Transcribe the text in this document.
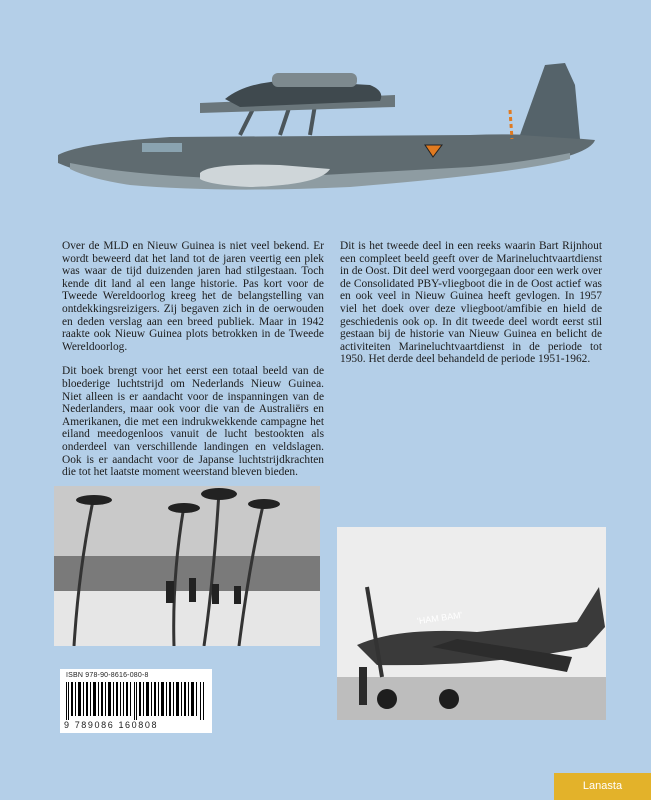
Over de MLD en Nieuw Guinea is niet veel bekend. Er wordt beweerd dat het land tot de jaren veertig een plek was waar de tijd duizenden jaren had stilgestaan. Toch kende dit land al een lange historie. Pas kort voor de Tweede Wereldoorlog kreeg het de belangstelling van ontdekkingsreizigers. Zij begaven zich in de oerwouden en deden verslag aan een breed publiek. Maar in 1942 raakte ook Nieuw Guinea plots betrokken in de Tweede Wereldoorlog.

Dit boek brengt voor het eerst een totaal beeld van de bloederige luchtstrijd om Nederlands Nieuw Guinea. Niet alleen is er aandacht voor de inspanningen van de Nederlanders, maar ook voor die van de Australiërs en Amerikanen, die met een indrukwekkende campagne het eiland meedogenloos vanuit de lucht bestookten als onderdeel van verschillende landingen en veldslagen. Ook is er aandacht voor de Japanse luchtstrijdkrachten die tot het laatste moment weerstand bleven bieden.

Dit is het tweede deel in een reeks waarin Bart Rijnhout een compleet beeld geeft over de Marineluchtvaartdienst in de Oost. Dit deel werd voorgegaan door een werk over de Consolidated PBY-vliegboot die in de Oost actief was en ook veel in Nieuw Guinea heeft gevlogen. In 1957 viel het doek over deze vliegboot/amfibie en hield de geschiedenis ook op. In dit tweede deel wordt eerst stil gestaan bij de historie van Nieuw Guinea en belicht de activiteiten Marineluchtvaartdienst in de periode tot 1950. Het derde deel behandeld de periode 1951-1962.

'HAM BAM'
ISBN 978-90-8616-080-8
9 789086 160808
Lanasta
